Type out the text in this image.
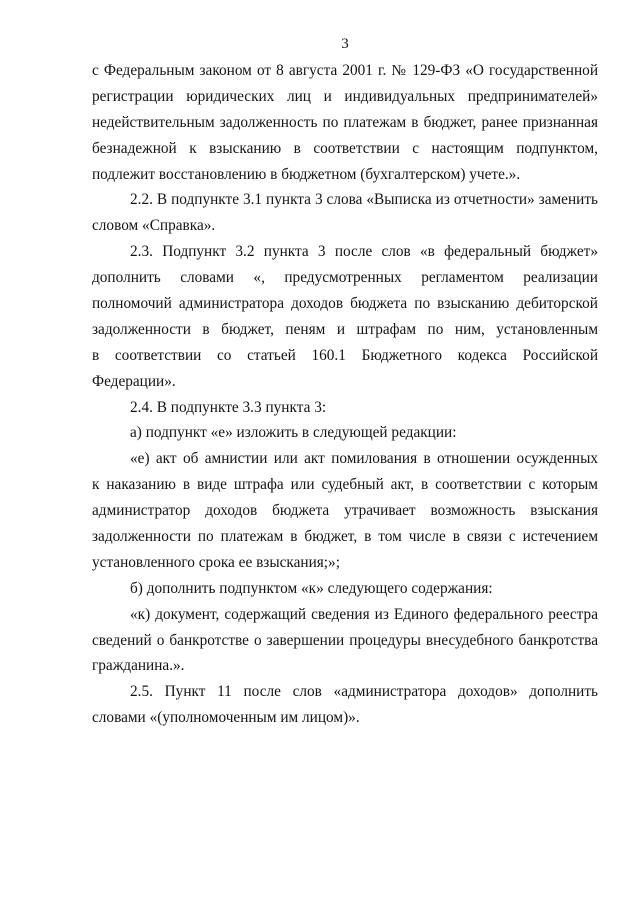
3
с Федеральным законом от 8 августа 2001 г. № 129-ФЗ «О государственной
регистрации юридических лиц и индивидуальных предпринимателей»
недействительным задолженность по платежам в бюджет, ранее признанная
безнадежной к взысканию в соответствии с настоящим подпунктом,
подлежит восстановлению в бюджетном (бухгалтерском) учете.».
2.2. В подпункте 3.1 пункта 3 слова «Выписка из отчетности» заменить
словом «Справка».
2.3. Подпункт 3.2 пункта 3 после слов «в федеральный бюджет»
дополнить словами «, предусмотренных регламентом реализации
полномочий администратора доходов бюджета по взысканию дебиторской
задолженности в бюджет, пеням и штрафам по ним, установленным
в соответствии со статьей 160.1 Бюджетного кодекса Российской
Федерации».
2.4. В подпункте 3.3 пункта 3:
а) подпункт «е» изложить в следующей редакции:
«е) акт об амнистии или акт помилования в отношении осужденных
к наказанию в виде штрафа или судебный акт, в соответствии с которым
администратор доходов бюджета утрачивает возможность взыскания
задолженности по платежам в бюджет, в том числе в связи с истечением
установленного срока ее взыскания;»;
б) дополнить подпунктом «к» следующего содержания:
«к) документ, содержащий сведения из Единого федерального реестра
сведений о банкротстве о завершении процедуры внесудебного банкротства
гражданина.».
2.5. Пункт 11 после слов «администратора доходов» дополнить
словами «(уполномоченным им лицом)».
